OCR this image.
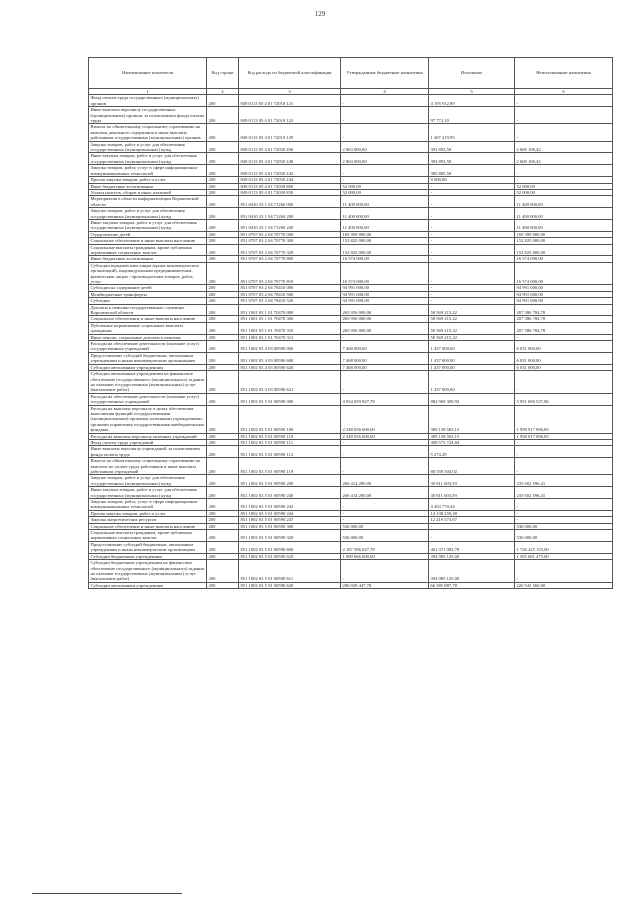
129
Наименование показателя	Код строки	Код расхода по бюджетной классификации	Утвержденные бюджетные назначения	Исполнено	Неисполненные назначения
1	2	3	4	5	6
Фонд оплаты труда государственных (муниципальных) органов	200	849 0113 05 4 01 72010 121	-	4 195 912,89	-
Иные выплаты персоналу государственных (муниципальных) органов, за исключением фонда оплаты труда	200	849 0113 05 4 01 72010 122	-	97 772,10	-
Взносы по обязательному социальному страхованию на выплаты денежного содержания и иные выплаты работникам государственных (муниципальных) органов	200	849 0113 05 4 01 72010 129	-	1 267 219,95	-
Закупка товаров, работ и услуг для обеспечения государственных (муниципальных) нужд	200	849 0113 05 4 01 72030 200	2 863 000,00	393 893,58	2 669 106,42
Иные закупки товаров, работ и услуг для обеспечения государственных (муниципальных) нужд	200	849 0113 05 4 01 72030 240	2 863 000,00	393 893,58	2 669 106,42
Закупка товаров, работ, услуг в сфере информационно-коммуникационных технологий	200	849 0113 05 4 01 72030 242	-	385 885,58	-
Прочая закупка товаров, работ и услуг	200	849 0113 05 4 01 72030 244	-	8 008,00	-
Иные бюджетные ассигнования	200	849 0113 05 4 01 72030 800	52 000,00	-	52 000,00
Уплата налогов, сборов и иных платежей	200	849 0113 05 4 01 72030 850	52 000,00	-	52 000,00
Мероприятия в области информатизации Воронежской области	200	851 0410 23 1 04 71260 000	11 400 000,00	-	11 400 000,00
Закупка товаров, работ и услуг для обеспечения государственных (муниципальных) нужд	200	851 0410 23 1 04 71260 200	11 400 000,00	-	11 400 000,00
Иные закупки товаров, работ и услуг для обеспечения государственных (муниципальных) нужд	200	851 0410 23 1 04 71260 240	11 400 000,00	-	11 400 000,00
Оздоровление детей	200	851 0707 03 2 04 70770 000	169 399 000,00	-	169 399 000,00
Социальное обеспечение и иные выплаты населению	200	851 0707 03 2 04 70770 300	152 825 000,00	-	152 825 000,00
Социальные выплаты гражданам, кроме публичных нормативных социальных выплат	200	851 0707 03 2 04 70770 320	152 825 000,00	-	152 825 000,00
Иные бюджетные ассигнования	200	851 0707 03 2 04 70770 800	16 574 000,00	-	16 574 000,00
Субсидии юридическим лицам (кроме некоммерческих организаций), индивидуальным предпринимателям, физическим лицам - производителям товаров, работ, услуг	200	851 0707 03 2 04 70770 810	16 574 000,00	-	16 574 000,00
Субсидии на содержание детей	200	851 0707 03 2 04 78410 000	94 991 000,00	-	94 991 000,00
Межбюджетные трансферты	200	851 0707 03 2 04 78410 500	94 991 000,00	-	94 991 000,00
Субсидии	200	851 0707 03 2 04 78410 520	94 991 000,00	-	94 991 000,00
Доплаты к пенсиям государственных служащих Воронежской области	200	851 1001 03 1 01 70470 000	265 956 000,00	58 569 215,22	207 386 784,78
Социальное обеспечение и иные выплаты населению	200	851 1001 03 1 01 70470 300	265 956 000,00	58 569 215,22	207 386 784,78
Публичные нормативные социальные выплаты гражданам	200	851 1001 03 1 01 70470 310	265 956 000,00	58 569 215,22	207 386 784,78
Иные пенсии, социальные доплаты к пенсиям	200	851 1001 03 1 01 70470 312	-	58 569 215,22	-
Расходы на обеспечение деятельности (оказание услуг) государственных учреждений	200	851 1002 03 4 03 00590 000	7 468 000,00	1 437 000,00	6 031 000,00
Предоставление субсидий бюджетным, автономным учреждениям и иным некоммерческим организациям	200	851 1002 03 4 03 00590 600	7 468 000,00	1 437 000,00	6 031 000,00
Субсидии автономным учреждениям	200	851 1002 03 4 03 00590 620	7 468 000,00	1 437 000,00	6 031 000,00
Субсидии автономным учреждениям на финансовое обеспечение государственного (муниципального) задания на оказание государственных (муниципальных) услуг (выполнение работ)	200	851 1002 03 4 03 00590 621	-	1 437 000,00	-
Расходы на обеспечение деятельности (оказание услуг) государственных учреждений	200	851 1002 03 5 01 00590 000	4 834 659 847,78	882 969 309,92	3 951 690 537,86
Расходы на выплаты персоналу в целях обеспечения выполнения функций государственными (муниципальными) органами, казенными учреждениями, органами управления государственными внебюджетными фондами	200	851 1002 03 5 01 00590 100	2 348 056 600,00	389 139 503,15	1 958 917 096,85
Расходы на выплаты персоналу казенных учреждений	200	851 1002 03 5 01 00590 110	2 348 056 600,00	389 139 503,15	1 958 917 096,85
Фонд оплаты труда учреждений	200	851 1002 03 5 01 00590 111	-	308 575 724,84	-
Иные выплаты персоналу учреждений, за исключением фонда оплаты труда	200	851 1002 03 5 01 00590 112	-	5 274,29	-
Взносы по обязательному социальному страхованию на выплаты по оплате труда работников и иные выплаты работникам учреждений	200	851 1002 03 5 01 00590 119	-	80 558 504,02	-
Закупка товаров, работ и услуг для обеспечения государственных (муниципальных) нужд	200	851 1002 03 5 01 00590 200	266 414 200,00	30 811 603,59	235 602 596,41
Иные закупки товаров, работ и услуг для обеспечения государственных (муниципальных) нужд	200	851 1002 03 5 01 00590 240	266 414 200,00	30 811 603,59	235 602 596,41
Закупка товаров, работ, услуг в сфере информационно-коммуникационных технологий	200	851 1002 03 5 01 00590 242	-	4 453 770,44	-
Прочая закупка товаров, работ и услуг	200	851 1002 03 5 01 00590 244	-	14 138 259,48	-
Закупка энергетических ресурсов	200	851 1002 03 5 01 00590 247	-	12 219 573,67	-
Социальное обеспечение и иные выплаты населению	200	851 1002 03 5 01 00590 300	536 000,00	-	536 000,00
Социальные выплаты гражданам, кроме публичных нормативных социальных выплат	200	851 1002 03 5 01 00590 320	536 000,00	-	536 000,00
Предоставление субсидий бюджетным, автономным учреждениям и иным некоммерческим организациям	200	851 1002 03 5 01 00590 600	2 187 596 047,78	461 371 082,78	1 726 225 155,00
Субсидии бюджетным учреждениям	200	851 1002 03 5 01 00590 610	1 900 666 600,00	394 985 125,00	1 505 681 475,00
Субсидии бюджетным учреждениям на финансовое обеспечение государственного (муниципального) задания на оказание государственных (муниципальных) услуг (выполнение работ)	200	851 1002 03 5 01 00590 611	-	394 985 125,00	-
Субсидии автономным учреждениям	200	851 1002 03 5 01 00590 620	286 929 447,78	66 385 887,78	220 543 560,00
